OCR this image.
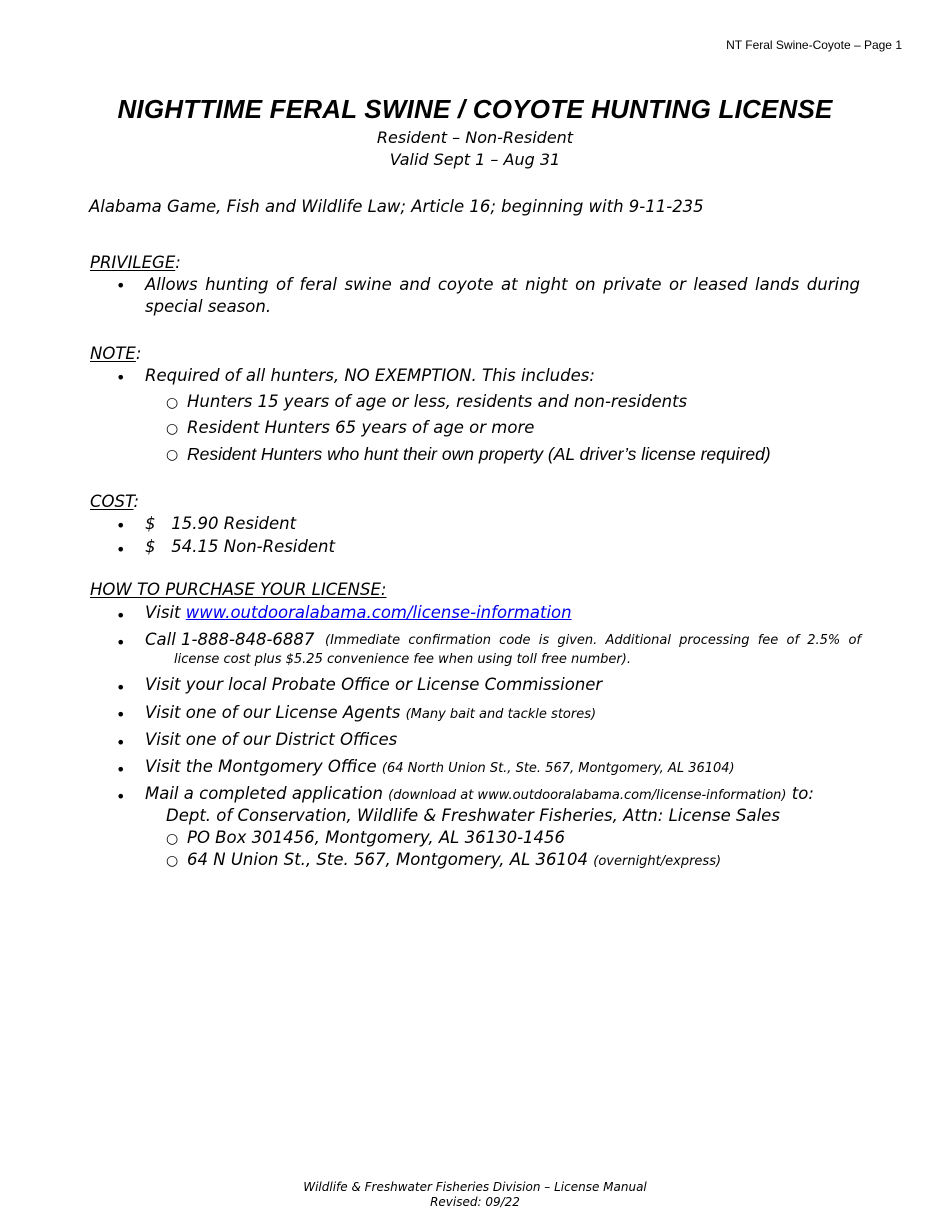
NT Feral Swine-Coyote – Page 1
NIGHTTIME FERAL SWINE / COYOTE HUNTING LICENSE
Resident – Non-Resident
Valid Sept 1 – Aug 31
Alabama Game, Fish and Wildlife Law; Article 16; beginning with 9-11-235
PRIVILEGE:
• Allows hunting of feral swine and coyote at night on private or leased lands during special season.
NOTE:
• Required of all hunters, NO EXEMPTION. This includes:
○ Hunters 15 years of age or less, residents and non-residents
○ Resident Hunters 65 years of age or more
○ Resident Hunters who hunt their own property (AL driver’s license required)
COST:
• $ 15.90 Resident
• $ 54.15 Non-Resident
HOW TO PURCHASE YOUR LICENSE:
• Visit www.outdooralabama.com/license-information
• Call 1-888-848-6887 (Immediate confirmation code is given. Additional processing fee of 2.5% of
license cost plus $5.25 convenience fee when using toll free number).
• Visit your local Probate Office or License Commissioner
• Visit one of our License Agents (Many bait and tackle stores)
• Visit one of our District Offices
• Visit the Montgomery Office (64 North Union St., Ste. 567, Montgomery, AL 36104)
• Mail a completed application (download at www.outdooralabama.com/license-information) to:
Dept. of Conservation, Wildlife & Freshwater Fisheries, Attn: License Sales
○ PO Box 301456, Montgomery, AL 36130-1456
○ 64 N Union St., Ste. 567, Montgomery, AL 36104 (overnight/express)
Wildlife & Freshwater Fisheries Division – License Manual
Revised: 09/22
